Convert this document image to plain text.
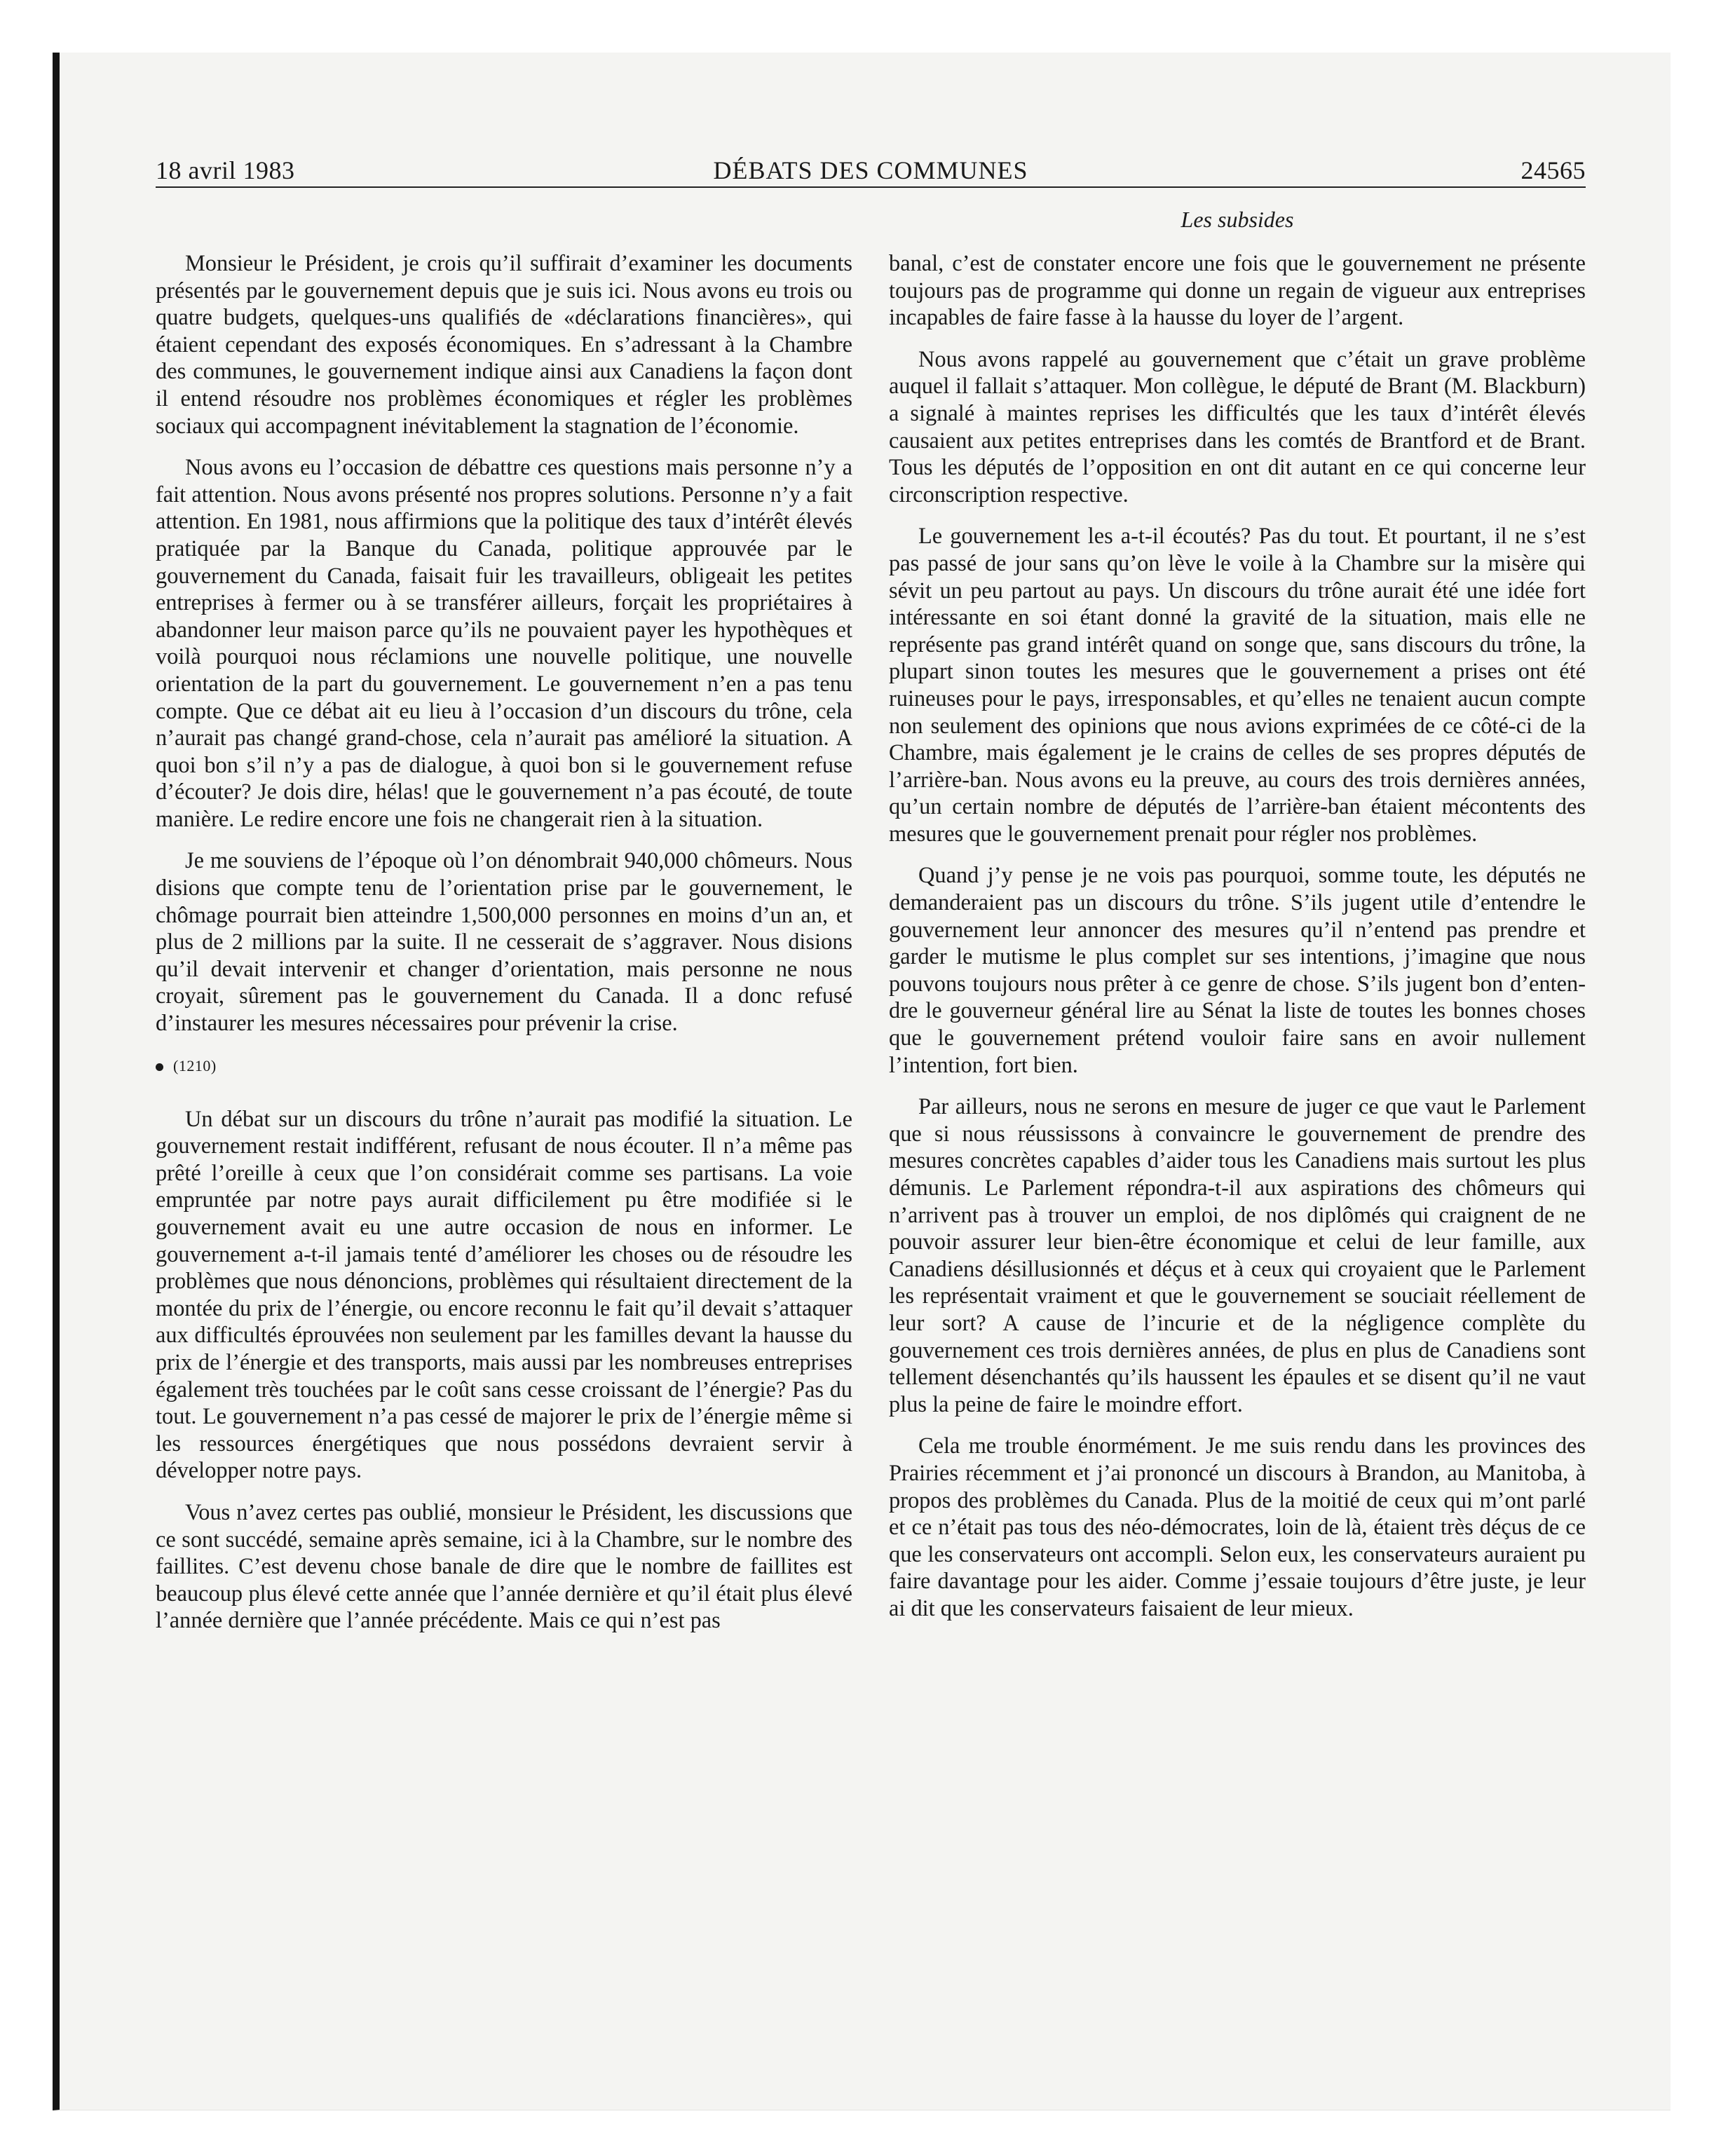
18 avril 1983	DÉBATS DES COMMUNES	24565
Les subsides

Monsieur le Président, je crois qu’il suffirait d’examiner les documents présentés par le gouvernement depuis que je suis ici. Nous avons eu trois ou quatre budgets, quelques-uns qualifiés de «déclarations financières», qui étaient cependant des exposés économiques. En s’adressant à la Chambre des communes, le gouvernement indique ainsi aux Canadiens la façon dont il entend résoudre nos problèmes économiques et régler les problèmes sociaux qui accompagnent inévitablement la stagnation de l’économie.

Nous avons eu l’occasion de débattre ces questions mais personne n’y a fait attention. Nous avons présenté nos propres solutions. Personne n’y a fait attention. En 1981, nous affirmions que la politique des taux d’intérêt élevés pratiquée par la Banque du Canada, politique approuvée par le gouvernement du Canada, faisait fuir les travailleurs, obligeait les petites entreprises à fermer ou à se transférer ailleurs, forçait les propriétaires à abandonner leur maison parce qu’ils ne pouvaient payer les hypothèques et voilà pourquoi nous réclamions une nouvelle politique, une nouvelle orientation de la part du gouvernement. Le gouvernement n’en a pas tenu compte. Que ce débat ait eu lieu à l’occasion d’un discours du trône, cela n’aurait pas changé grand-chose, cela n’aurait pas amélioré la situation. A quoi bon s’il n’y a pas de dialogue, à quoi bon si le gouvernement refuse d’écouter? Je dois dire, hélas! que le gouvernement n’a pas écouté, de toute manière. Le redire encore une fois ne changerait rien à la situation.

Je me souviens de l’époque où l’on dénombrait 940,000 chômeurs. Nous disions que compte tenu de l’orientation prise par le gouvernement, le chômage pourrait bien atteindre 1,500,000 personnes en moins d’un an, et plus de 2 millions par la suite. Il ne cesserait de s’aggraver. Nous disions qu’il devait intervenir et changer d’orientation, mais personne ne nous croyait, sûrement pas le gouvernement du Canada. Il a donc refusé d’instaurer les mesures nécessaires pour prévenir la crise.

(1210)

Un débat sur un discours du trône n’aurait pas modifié la situation. Le gouvernement restait indifférent, refusant de nous écouter. Il n’a même pas prêté l’oreille à ceux que l’on considérait comme ses partisans. La voie empruntée par notre pays aurait difficilement pu être modifiée si le gouvernement avait eu une autre occasion de nous en informer. Le gouvernement a-t-il jamais tenté d’améliorer les choses ou de résoudre les problèmes que nous dénoncions, problèmes qui résultaient directement de la montée du prix de l’énergie, ou encore reconnu le fait qu’il devait s’attaquer aux difficultés éprouvées non seulement par les familles devant la hausse du prix de l’énergie et des transports, mais aussi par les nombreuses entreprises également très touchées par le coût sans cesse croissant de l’énergie? Pas du tout. Le gouvernement n’a pas cessé de majorer le prix de l’énergie même si les ressources énergétiques que nous possédons devraient servir à développer notre pays.

Vous n’avez certes pas oublié, monsieur le Président, les discussions que ce sont succédé, semaine après semaine, ici à la Chambre, sur le nombre des faillites. C’est devenu chose banale de dire que le nombre de faillites est beaucoup plus élevé cette année que l’année dernière et qu’il était plus élevé l’année dernière que l’année précédente. Mais ce qui n’est pas

banal, c’est de constater encore une fois que le gouvernement ne présente toujours pas de programme qui donne un regain de vigueur aux entreprises incapables de faire fasse à la hausse du loyer de l’argent.

Nous avons rappelé au gouvernement que c’était un grave problème auquel il fallait s’attaquer. Mon collègue, le député de Brant (M. Blackburn) a signalé à maintes reprises les difficultés que les taux d’intérêt élevés causaient aux petites entreprises dans les comtés de Brantford et de Brant. Tous les députés de l’opposition en ont dit autant en ce qui concerne leur circonscription respective.

Le gouvernement les a-t-il écoutés? Pas du tout. Et pourtant, il ne s’est pas passé de jour sans qu’on lève le voile à la Chambre sur la misère qui sévit un peu partout au pays. Un discours du trône aurait été une idée fort intéressante en soi étant donné la gravité de la situation, mais elle ne représente pas grand intérêt quand on songe que, sans discours du trône, la plupart sinon toutes les mesures que le gouvernement a prises ont été ruineuses pour le pays, irresponsables, et qu’elles ne tenaient aucun compte non seulement des opinions que nous avions exprimées de ce côté-ci de la Chambre, mais également je le crains de celles de ses propres députés de l’arrière-ban. Nous avons eu la preuve, au cours des trois dernières années, qu’un certain nombre de députés de l’arrière-ban étaient mécontents des mesures que le gouvernement prenait pour régler nos problèmes.

Quand j’y pense je ne vois pas pourquoi, somme toute, les députés ne demanderaient pas un discours du trône. S’ils jugent utile d’entendre le gouvernement leur annoncer des mesures qu’il n’entend pas prendre et garder le mutisme le plus complet sur ses intentions, j’imagine que nous pouvons toujours nous prêter à ce genre de chose. S’ils jugent bon d’entendre le gouverneur général lire au Sénat la liste de toutes les bonnes choses que le gouvernement prétend vouloir faire sans en avoir nullement l’intention, fort bien.

Par ailleurs, nous ne serons en mesure de juger ce que vaut le Parlement que si nous réussissons à convaincre le gouvernement de prendre des mesures concrètes capables d’aider tous les Canadiens mais surtout les plus démunis. Le Parlement répondra-t-il aux aspirations des chômeurs qui n’arrivent pas à trouver un emploi, de nos diplômés qui craignent de ne pouvoir assurer leur bien-être économique et celui de leur famille, aux Canadiens désillusionnés et déçus et à ceux qui croyaient que le Parlement les représentait vraiment et que le gouvernement se souciait réellement de leur sort? A cause de l’incurie et de la négligence complète du gouvernement ces trois dernières années, de plus en plus de Canadiens sont tellement désenchantés qu’ils haussent les épaules et se disent qu’il ne vaut plus la peine de faire le moindre effort.

Cela me trouble énormément. Je me suis rendu dans les provinces des Prairies récemment et j’ai prononcé un discours à Brandon, au Manitoba, à propos des problèmes du Canada. Plus de la moitié de ceux qui m’ont parlé et ce n’était pas tous des néo-démocrates, loin de là, étaient très déçus de ce que les conservateurs ont accompli. Selon eux, les conservateurs auraient pu faire davantage pour les aider. Comme j’essaie toujours d’être juste, je leur ai dit que les conservateurs faisaient de leur mieux.
